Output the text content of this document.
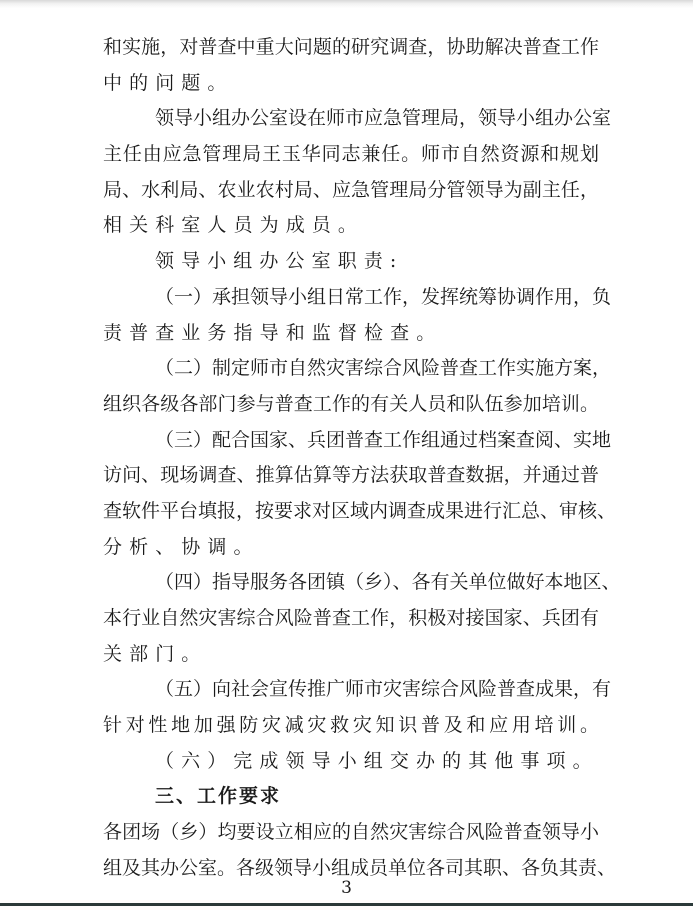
和实施，对普查中重大问题的研究调查，协助解决普查工作
中的问题。
领导小组办公室设在师市应急管理局，领导小组办公室
主任由应急管理局王玉华同志兼任。师市自然资源和规划
局、水利局、农业农村局、应急管理局分管领导为副主任，
相关科室人员为成员。
领导小组办公室职责:
（一）承担领导小组日常工作，发挥统筹协调作用，负
责普查业务指导和监督检查。
（二）制定师市自然灾害综合风险普查工作实施方案，
组织各级各部门参与普查工作的有关人员和队伍参加培训。
（三）配合国家、兵团普查工作组通过档案查阅、实地
访问、现场调查、推算估算等方法获取普查数据，并通过普
查软件平台填报，按要求对区域内调查成果进行汇总、审核、
分析、协调。
（四）指导服务各团镇（乡）、各有关单位做好本地区、
本行业自然灾害综合风险普查工作，积极对接国家、兵团有
关部门。
（五）向社会宣传推广师市灾害综合风险普查成果，有
针对性地加强防灾减灾救灾知识普及和应用培训。
（六）完成领导小组交办的其他事项。
三、工作要求
各团场（乡）均要设立相应的自然灾害综合风险普查领导小
组及其办公室。各级领导小组成员单位各司其职、各负其责、
3
